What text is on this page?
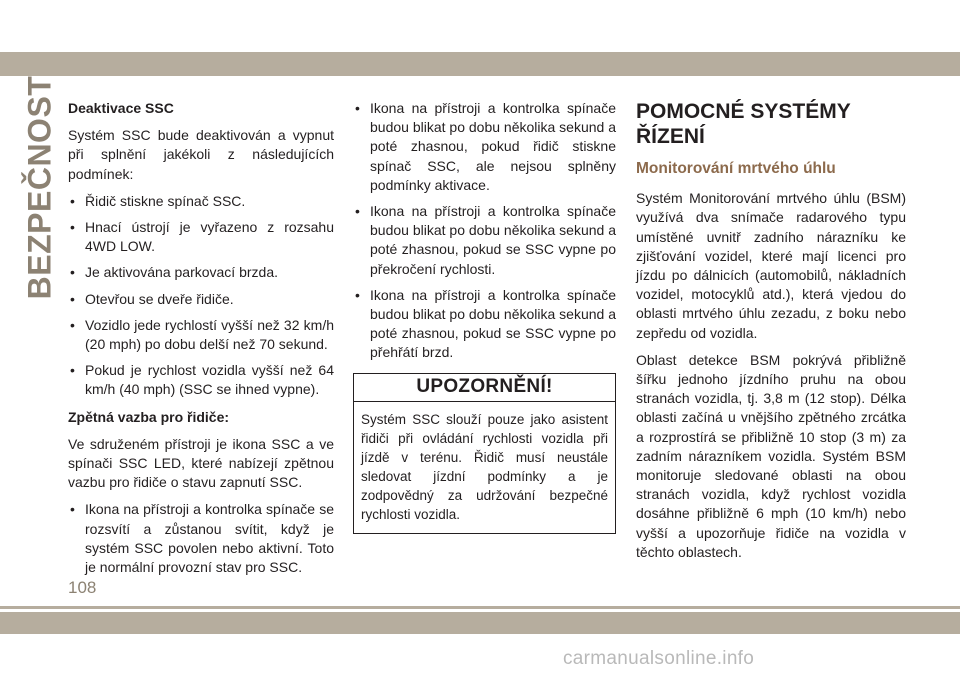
BEZPEČNOST Deaktivace SSC

Systém SSC bude deaktivován a vypnut při splnění jakékoli z následujících podmínek:

• Řidič stiskne spínač SSC.
• Hnací ústrojí je vyřazeno z rozsahu 4WD LOW.
• Je aktivována parkovací brzda.
• Otevřou se dveře řidiče.
• Vozidlo jede rychlostí vyšší než 32 km/h (20 mph) po dobu delší než 70 sekund.
• Pokud je rychlost vozidla vyšší než 64 km/h (40 mph) (SSC se ihned vypne).
Zpětná vazba pro řidiče:

Ve sdruženém přístroji je ikona SSC a ve spínači SSC LED, které nabízejí zpětnou vazbu pro řidiče o stavu zapnutí SSC.

• Ikona na přístroji a kontrolka spínače se rozsvítí a zůstanou svítit, když je systém SSC povolen nebo aktivní. Toto je normální provozní stav pro SSC.
• Ikona na přístroji a kontrolka spínače budou blikat po dobu několika sekund a poté zhasnou, pokud řidič stiskne spínač SSC, ale nejsou splněny podmínky aktivace.
• Ikona na přístroji a kontrolka spínače budou blikat po dobu několika sekund a poté zhasnou, pokud se SSC vypne po překročení rychlosti.
• Ikona na přístroji a kontrolka spínače budou blikat po dobu několika sekund a poté zhasnou, pokud se SSC vypne po přehřátí brzd.
UPOZORNĚNÍ!
Systém SSC slouží pouze jako asistent řidiči při ovládání rychlosti vozidla při jízdě v terénu. Řidič musí neustále sledovat jízdní podmínky a je zodpovědný za udržování bezpečné rychlosti vozidla.
POMOCNÉ SYSTÉMY ŘÍZENÍ
Monitorování mrtvého úhlu

Systém Monitorování mrtvého úhlu (BSM) využívá dva snímače radarového typu umístěné uvnitř zadního nárazníku ke zjišťování vozidel, které mají licenci pro jízdu po dálnicích (automobilů, nákladních vozidel, motocyklů atd.), která vjedou do oblasti mrtvého úhlu zezadu, z boku nebo zepředu od vozidla.

Oblast detekce BSM pokrývá přibližně šířku jednoho jízdního pruhu na obou stranách vozidla, tj. 3,8 m (12 stop). Délka oblasti začíná u vnějšího zpětného zrcátka a rozprostírá se přibližně 10 stop (3 m) za zadním nárazníkem vozidla. Systém BSM monitoruje sledované oblasti na obou stranách vozidla, když rychlost vozidla dosáhne přibližně 6 mph (10 km/h) nebo vyšší a upozorňuje řidiče na vozidla v těchto oblastech.

108
carmanualsonline.info
